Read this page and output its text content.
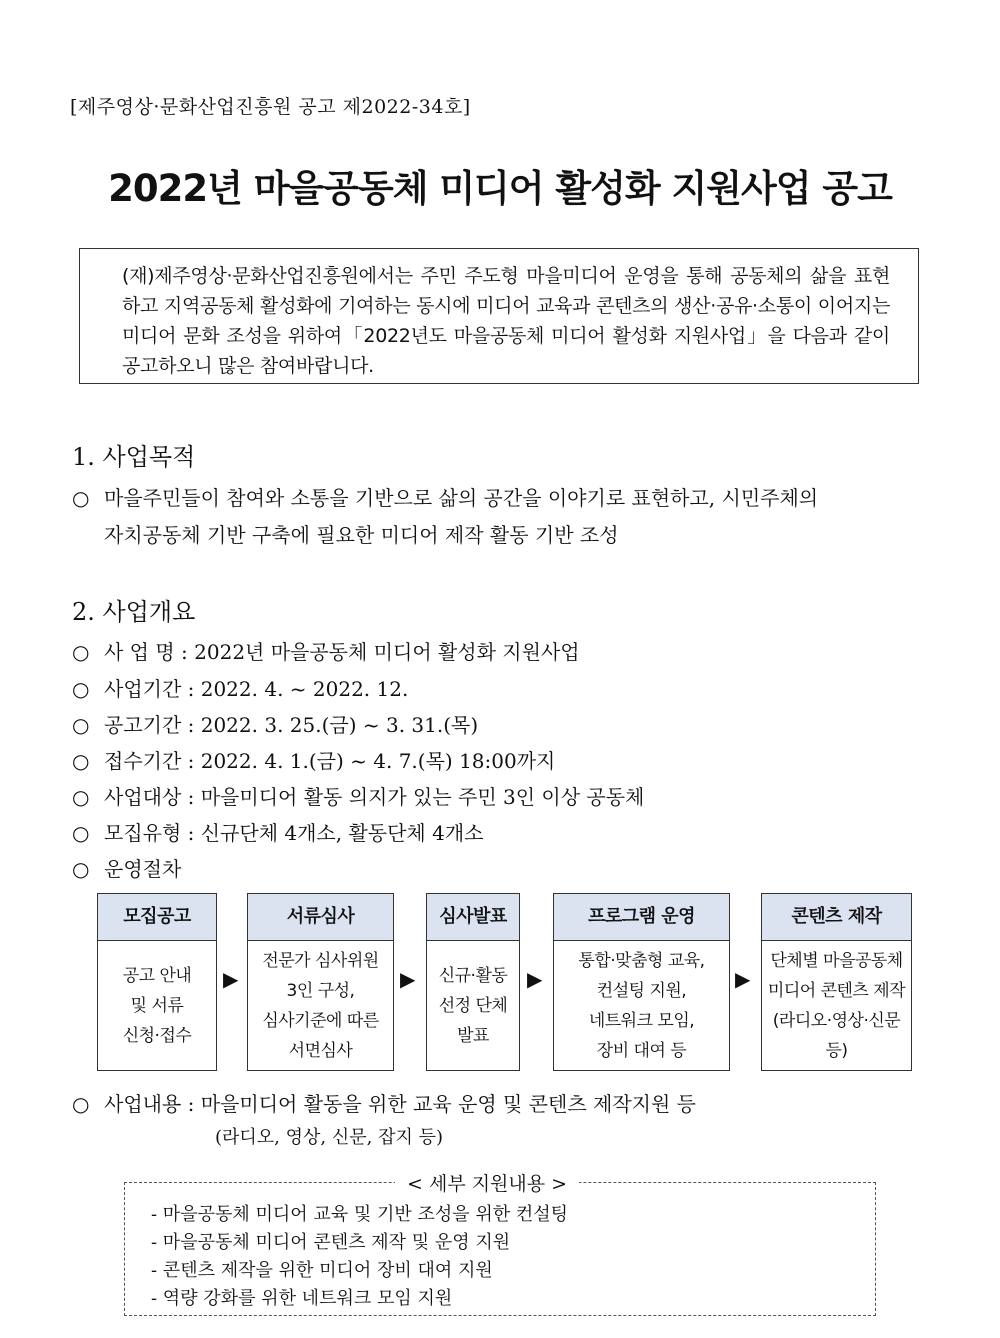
[제주영상·문화산업진흥원 공고 제2022-34호]
2022년 마을공동체 미디어 활성화 지원사업 공고
(재)제주영상·문화산업진흥원에서는 주민 주도형 마을미디어 운영을 통해 공동체의 삶을 표현하고 지역공동체 활성화에 기여하는 동시에 미디어 교육과 콘텐츠의 생산·공유·소통이 이어지는 미디어 문화 조성을 위하여「2022년도 마을공동체 미디어 활성화 지원사업」을 다음과 같이 공고하오니 많은 참여바랍니다.
1. 사업목적
○ 마을주민들이 참여와 소통을 기반으로 삶의 공간을 이야기로 표현하고, 시민주체의
자치공동체 기반 구축에 필요한 미디어 제작 활동 기반 조성
2. 사업개요
○ 사 업 명 : 2022년 마을공동체 미디어 활성화 지원사업
○ 사업기간 : 2022. 4. ~ 2022. 12.
○ 공고기간 : 2022. 3. 25.(금) ~ 3. 31.(목)
○ 접수기간 : 2022. 4. 1.(금) ~ 4. 7.(목) 18:00까지
○ 사업대상 : 마을미디어 활동 의지가 있는 주민 3인 이상 공동체
○ 모집유형 : 신규단체 4개소, 활동단체 4개소
○ 운영절차
모집공고
공고 안내
및 서류
신청·접수
▶
서류심사
전문가 심사위원
3인 구성,
심사기준에 따른
서면심사
▶
심사발표
신규·활동
선정 단체
발표
▶
프로그램 운영
통합·맞춤형 교육,
컨설팅 지원,
네트워크 모임,
장비 대여 등
▶
콘텐츠 제작
단체별 마을공동체
미디어 콘텐츠 제작
(라디오·영상·신문
등)
○ 사업내용 : 마을미디어 활동을 위한 교육 운영 및 콘텐츠 제작지원 등
(라디오, 영상, 신문, 잡지 등)
< 세부 지원내용 >
- 마을공동체 미디어 교육 및 기반 조성을 위한 컨설팅
- 마을공동체 미디어 콘텐츠 제작 및 운영 지원
- 콘텐츠 제작을 위한 미디어 장비 대여 지원
- 역량 강화를 위한 네트워크 모임 지원
